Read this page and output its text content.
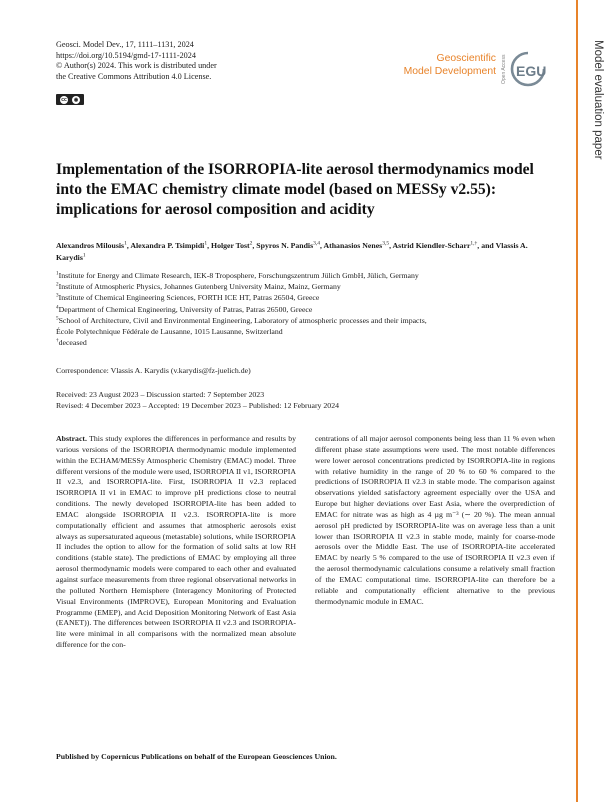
Geosci. Model Dev., 17, 1111–1131, 2024
https://doi.org/10.5194/gmd-17-1111-2024
© Author(s) 2024. This work is distributed under
the Creative Commons Attribution 4.0 License.
cc	◉
Geoscientific
Model Development Open Access EGU	Model evaluation paper
Implementation of the ISORROPIA-lite aerosol thermodynamics model into the EMAC chemistry climate model (based on MESSy v2.55): implications for aerosol composition and acidity
Alexandros Milousis$^1$, Alexandra P. Tsimpidi$^1$, Holger Tost$^2$, Spyros N. Pandis$^{3,4}$, Athanasios Nenes$^{3,5}$, Astrid Kiendler-Scharr$^{1,\dagger}$, and Vlassis A. Karydis$^1$
$^1$Institute for Energy and Climate Research, IEK-8 Troposphere, Forschungszentrum Jülich GmbH, Jülich, Germany
$^2$Institute of Atmospheric Physics, Johannes Gutenberg University Mainz, Mainz, Germany
$^3$Institute of Chemical Engineering Sciences, FORTH ICE HT, Patras 26504, Greece
$^4$Department of Chemical Engineering, University of Patras, Patras 26500, Greece
$^5$School of Architecture, Civil and Environmental Engineering, Laboratory of atmospheric processes and their impacts,
École Polytechnique Fédérale de Lausanne, 1015 Lausanne, Switzerland
†deceased
Correspondence: Vlassis A. Karydis (v.karydis@fz-juelich.de)
Received: 23 August 2023 – Discussion started: 7 September 2023
Revised: 4 December 2023 – Accepted: 19 December 2023 – Published: 12 February 2024
Abstract. This study explores the differences in performance and results by various versions of the ISORROPIA thermodynamic module implemented within the ECHAM/MESSy Atmospheric Chemistry (EMAC) model. Three different versions of the module were used, ISORROPIA II v1, ISORROPIA II v2.3, and ISORROPIA-lite. First, ISORROPIA II v2.3 replaced ISORROPIA II v1 in EMAC to improve pH predictions close to neutral conditions. The newly developed ISORROPIA-lite has been added to EMAC alongside ISORROPIA II v2.3. ISORROPIA-lite is more computationally efficient and assumes that atmospheric aerosols exist always as supersaturated aqueous (metastable) solutions, while ISORROPIA II includes the option to allow for the formation of solid salts at low RH conditions (stable state). The predictions of EMAC by employing all three aerosol thermodynamic models were compared to each other and evaluated against surface measurements from three regional observational networks in the polluted Northern Hemisphere (Interagency Monitoring of Protected Visual Environments (IMPROVE), European Monitoring and Evaluation Programme (EMEP), and Acid Deposition Monitoring Network of East Asia (EANET)). The differences between ISORROPIA II v2.3 and ISORROPIA-lite were minimal in all comparisons with the normalized mean absolute difference for the con-
centrations of all major aerosol components being less than 11 % even when different phase state assumptions were used. The most notable differences were lower aerosol concentrations predicted by ISORROPIA-lite in regions with relative humidity in the range of 20 % to 60 % compared to the predictions of ISORROPIA II v2.3 in stable mode. The comparison against observations yielded satisfactory agreement especially over the USA and Europe but higher deviations over East Asia, where the overprediction of EMAC for nitrate was as high as 4 µg m⁻³ (∼ 20 %). The mean annual aerosol pH predicted by ISORROPIA-lite was on average less than a unit lower than ISORROPIA II v2.3 in stable mode, mainly for coarse-mode aerosols over the Middle East. The use of ISORROPIA-lite accelerated EMAC by nearly 5 % compared to the use of ISORROPIA II v2.3 even if the aerosol thermodynamic calculations consume a relatively small fraction of the EMAC computational time. ISORROPIA-lite can therefore be a reliable and computationally efficient alternative to the previous thermodynamic module in EMAC.
Published by Copernicus Publications on behalf of the European Geosciences Union.
